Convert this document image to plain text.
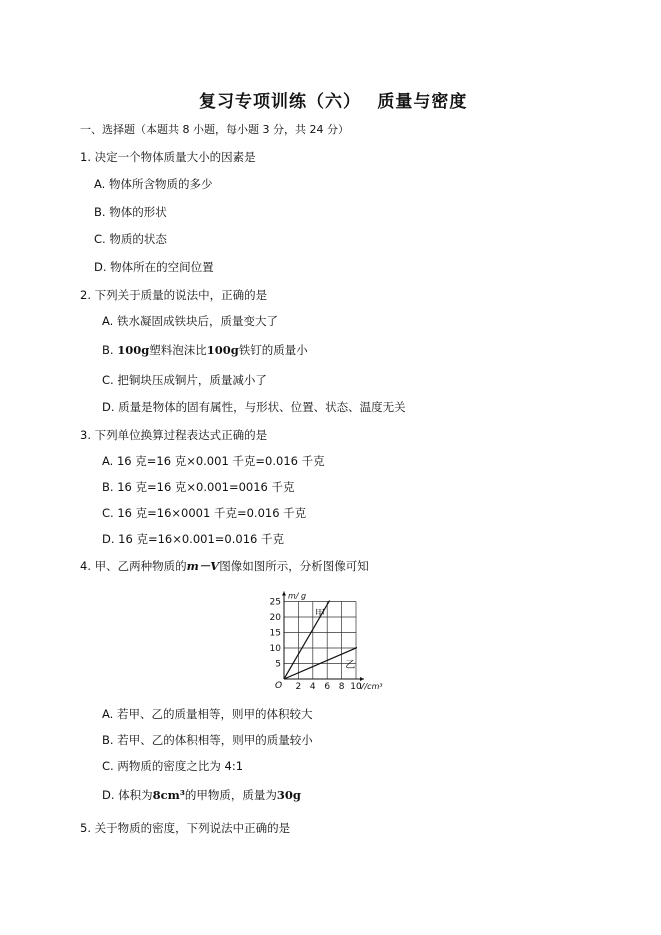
复习专项训练（六）　 质量与密度
一、选择题（本题共 8 小题，每小题 3 分，共 24 分）
1. 决定一个物体质量大小的因素是
A. 物体所含物质的多少
B. 物体的形状
C. 物质的状态
D. 物体所在的空间位置
2. 下列关于质量的说法中，正确的是
A. 铁水凝固成铁块后，质量变大了
B. 100g塑料泡沫比100g铁钉的质量小
C. 把铜块压成铜片，质量减小了
D. 质量是物体的固有属性，与形状、位置、状态、温度无关
3. 下列单位换算过程表达式正确的是
A. 16 克=16 克×0.001 千克=0.016 千克
B. 16 克=16 克×0.001=0016 千克
C. 16 克=16×0001 千克=0.016 千克
D. 16 克=16×0.001=0.016 千克
4. 甲、乙两种物质的m－V图像如图所示，分析图像可知
2 4 6 8 10
5
10
15
20
25
O	V/cm³
m/ g
甲
乙
A. 若甲、乙的质量相等，则甲的体积较大
B. 若甲、乙的体积相等，则甲的质量较小
C. 两物质的密度之比为 4:1
D. 体积为8cm³的甲物质，质量为30g
5. 关于物质的密度，下列说法中正确的是
